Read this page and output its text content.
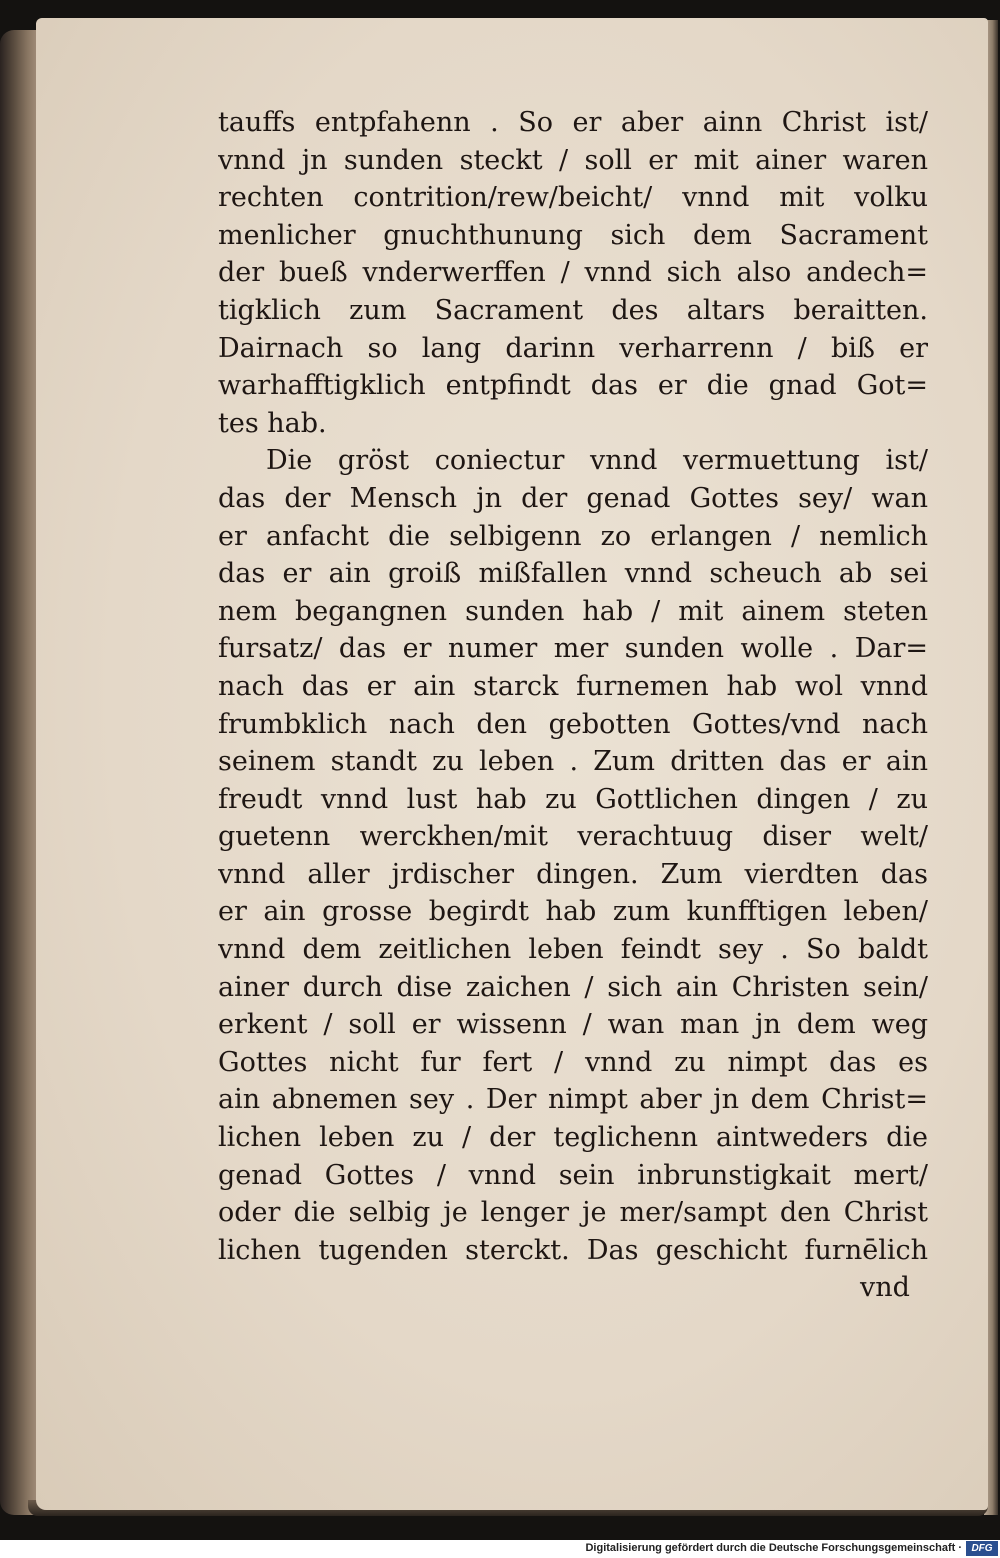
tauffs entpfahenn . So er aber ainn Christ ist/
vnnd jn sunden steckt / soll er mit ainer waren
rechten contrition/rew/beicht/ vnnd mit volku
menlicher gnuchthunung sich dem Sacrament
der bueß vnderwerffen / vnnd sich also andech=
tigklich zum Sacrament des altars beraitten.
Dairnach so lang darinn verharrenn / biß er
warhafftigklich entpfindt das er die gnad Got=
tes hab.
Die gröst coniectur vnnd vermuettung ist/
das der Mensch jn der genad Gottes sey/ wan
er anfacht die selbigenn zo erlangen / nemlich
das er ain groiß mißfallen vnnd scheuch ab sei
nem begangnen sunden hab / mit ainem steten
fursatz/ das er numer mer sunden wolle . Dar=
nach das er ain starck furnemen hab wol vnnd
frumbklich nach den gebotten Gottes/vnd nach
seinem standt zu leben . Zum dritten das er ain
freudt vnnd lust hab zu Gottlichen dingen / zu
guetenn werckhen/mit verachtuug diser welt/
vnnd aller jrdischer dingen. Zum vierdten das
er ain grosse begirdt hab zum kunfftigen leben/
vnnd dem zeitlichen leben feindt sey . So baldt
ainer durch dise zaichen / sich ain Christen sein/
erkent / soll er wissenn / wan man jn dem weg
Gottes nicht fur fert / vnnd zu nimpt das es
ain abnemen sey . Der nimpt aber jn dem Christ=
lichen leben zu / der teglichenn aintweders die
genad Gottes / vnnd sein inbrunstigkait mert/
oder die selbig je lenger je mer/sampt den Christ
lichen tugenden sterckt. Das geschicht furnēlich
vnd
Digitalisierung gefördert durch die Deutsche Forschungsgemeinschaft · DFG
